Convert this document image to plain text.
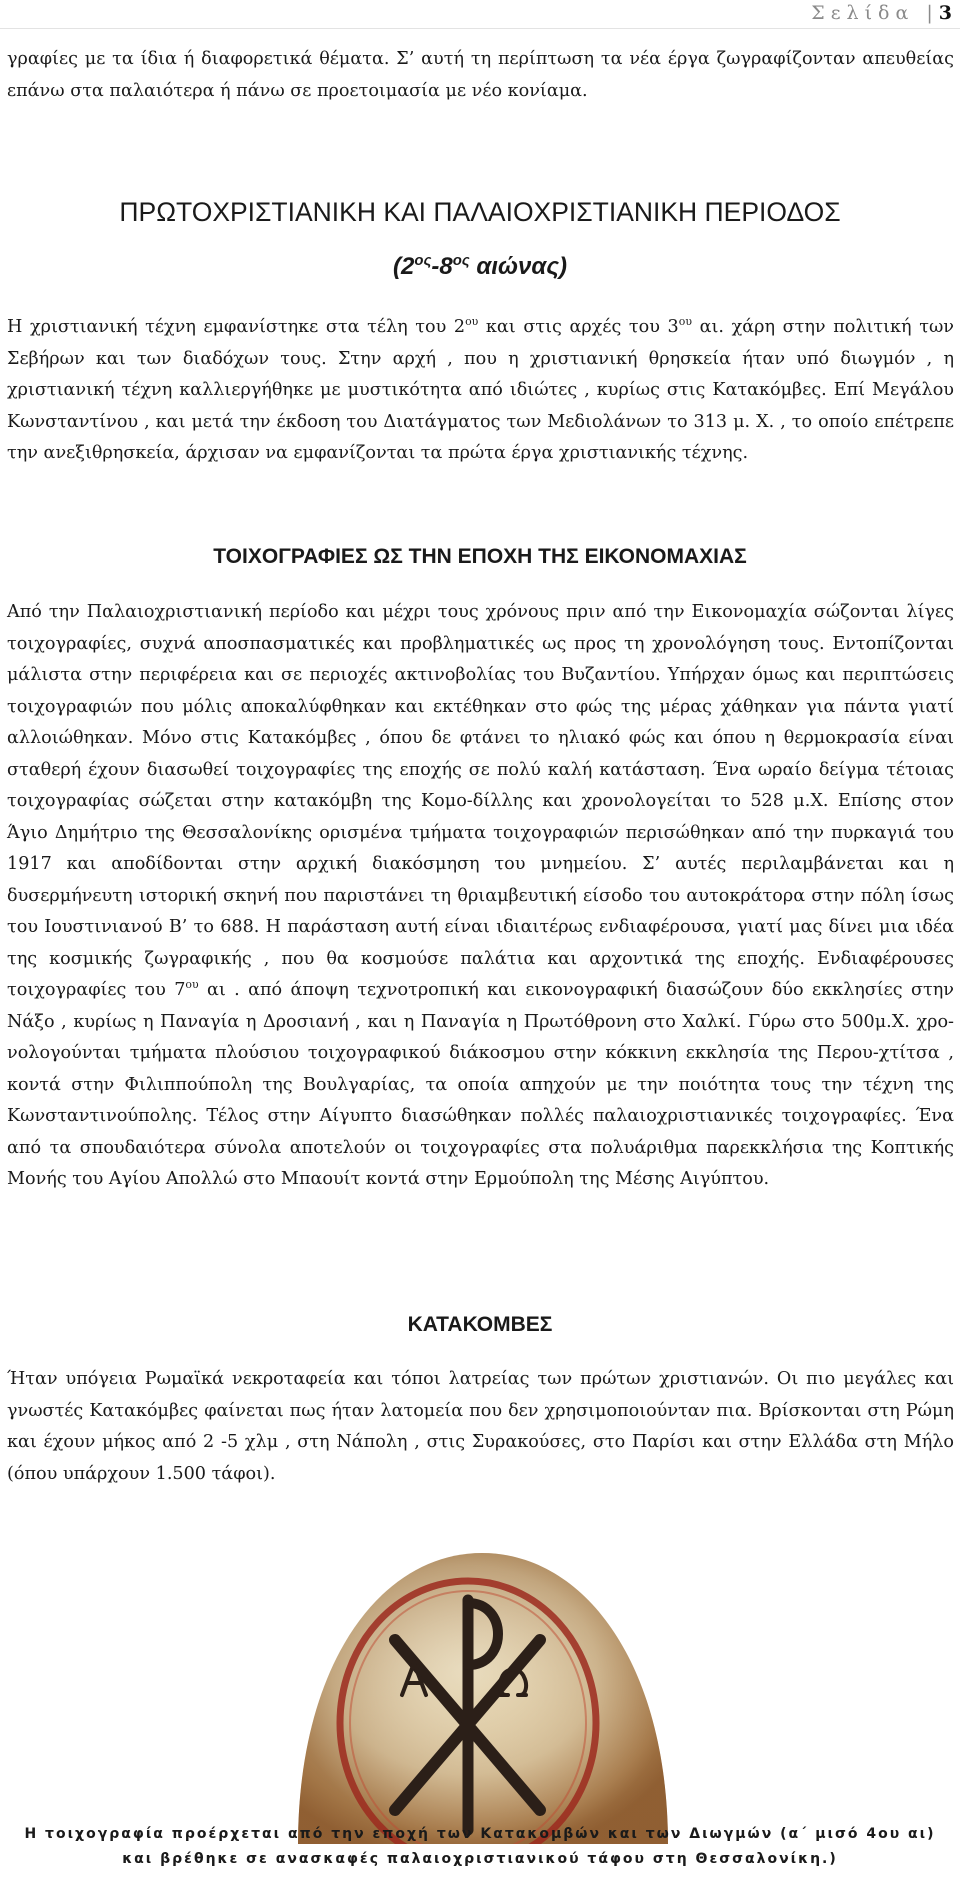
Σελίδα | 3

γραφίες με τα ίδια ή διαφορετικά θέματα. Σ’ αυτή τη περίπτωση τα νέα έργα ζωγραφίζονταν απευθείας επάνω στα παλαιότερα ή πάνω σε προετοιμασία με νέο κονίαμα.

ΠΡΩΤΟΧΡΙΣΤΙΑΝΙΚΗ ΚΑΙ ΠΑΛΑΙΟΧΡΙΣΤΙΑΝΙΚΗ ΠΕΡΙΟΔΟΣ
($2^{o\varsigma}-8^{o\varsigma}$ αιώνας)

Η χριστιανική τέχνη εμφανίστηκε στα τέλη του $2^{o\upsilon}$ και στις αρχές του $3^{o\upsilon}$ αι. χάρη στην πολιτική των Σεβήρων και των διαδόχων τους. Στην αρχή , που η χριστιανική θρησκεία ήταν υπό διωγμόν , η χριστιανική τέχνη καλλιεργήθηκε με μυστικότητα από ιδιώτες , κυρίως στις Κατακόμβες. Επί Μεγάλου Κωνσταντίνου , και μετά την έκδοση του Διατάγματος των Μεδιολάνων το 313 μ. Χ. , το οποίο επέτρεπε την ανεξιθρησκεία, άρχισαν να εμφανίζονται τα πρώτα έργα χριστιανικής τέχνης.

ΤΟΙΧΟΓΡΑΦΙΕΣ ΩΣ ΤΗΝ ΕΠΟΧΗ ΤΗΣ ΕΙΚΟΝΟΜΑΧΙΑΣ

Από την Παλαιοχριστιανική περίοδο και μέχρι τους χρόνους πριν από την Εικονομαχία σώζονται λίγες τοιχογραφίες, συχνά αποσπασματικές και προβληματικές ως προς τη χρονολόγηση τους. Εντοπίζονται μάλιστα στην περιφέρεια και σε περιοχές ακτινοβολίας του Βυζαντίου. Υπήρχαν όμως και περιπτώσεις τοιχογραφιών που μόλις αποκαλύφθηκαν και εκτέθηκαν στο φώς της μέρας χάθηκαν για πάντα γιατί αλλοιώθηκαν. Μόνο στις Κατακόμβες , όπου δε φτάνει το ηλιακό φώς και όπου η θερμοκρασία είναι σταθερή έχουν διασωθεί τοιχογραφίες της εποχής σε πολύ καλή κατάσταση. Ένα ωραίο δείγμα τέτοιας τοιχογραφίας σώζεται στην κατακόμβη της Κομο-δίλλης και χρονολογείται το 528 μ.Χ. Επίσης στον Άγιο Δημήτριο της Θεσσαλονίκης ορισμένα τμήματα τοιχογραφιών περισώθηκαν από την πυρκαγιά του 1917 και αποδίδονται στην αρχική διακόσμηση του μνημείου. Σ’ αυτές περιλαμβάνεται και η δυσερμήνευτη ιστορική σκηνή που παριστάνει τη θριαμβευτική είσοδο του αυτοκράτορα στην πόλη ίσως του Ιουστινιανού Β’ το 688. Η παράσταση αυτή είναι ιδιαιτέρως ενδιαφέρουσα, γιατί μας δίνει μια ιδέα της κοσμικής ζωγραφικής , που θα κοσμούσε παλάτια και αρχοντικά της εποχής. Ενδιαφέρουσες τοιχογραφίες του $7^{o\upsilon}$ αι . από άποψη τεχνοτροπική και εικονογραφική διασώζουν δύο εκκλησίες στην Νάξο , κυρίως η Παναγία η Δροσιανή , και η Παναγία η Πρωτόθρονη στο Χαλκί. Γύρω στο 500μ.Χ. χρο-νολογούνται τμήματα πλούσιου τοιχογραφικού διάκοσμου στην κόκκινη εκκλησία της Περου-χτίτσα , κοντά στην Φιλιππούπολη της Βουλγαρίας, τα οποία απηχούν με την ποιότητα τους την τέχνη της Κωνσταντινούπολης. Τέλος στην Αίγυπτο διασώθηκαν πολλές παλαιοχριστιανικές τοιχογραφίες. Ένα από τα σπουδαιότερα σύνολα αποτελούν οι τοιχογραφίες στα πολυάριθμα παρεκκλήσια της Κοπτικής Μονής του Αγίου Απολλώ στο Μπαουίτ κοντά στην Ερμούπολη της Μέσης Αιγύπτου.

ΚΑΤΑΚΟΜΒΕΣ

Ήταν υπόγεια Ρωμαϊκά νεκροταφεία και τόποι λατρείας των πρώτων χριστιανών. Οι πιο μεγάλες και γνωστές Κατακόμβες φαίνεται πως ήταν λατομεία που δεν χρησιμοποιούνταν πια. Βρίσκονται στη Ρώμη και έχουν μήκος από 2 -5 χλμ , στη Νάπολη , στις Συρακούσες, στο Παρίσι και στην Ελλάδα στη Μήλο (όπου υπάρχουν 1.500 τάφοι).

Η τοιχογραφία προέρχεται από την εποχή των Κατακομβών και των Διωγμών (α΄ μισό 4ου αι)

και βρέθηκε σε ανασκαφές παλαιοχριστιανικού τάφου στη Θεσσαλονίκη.)
